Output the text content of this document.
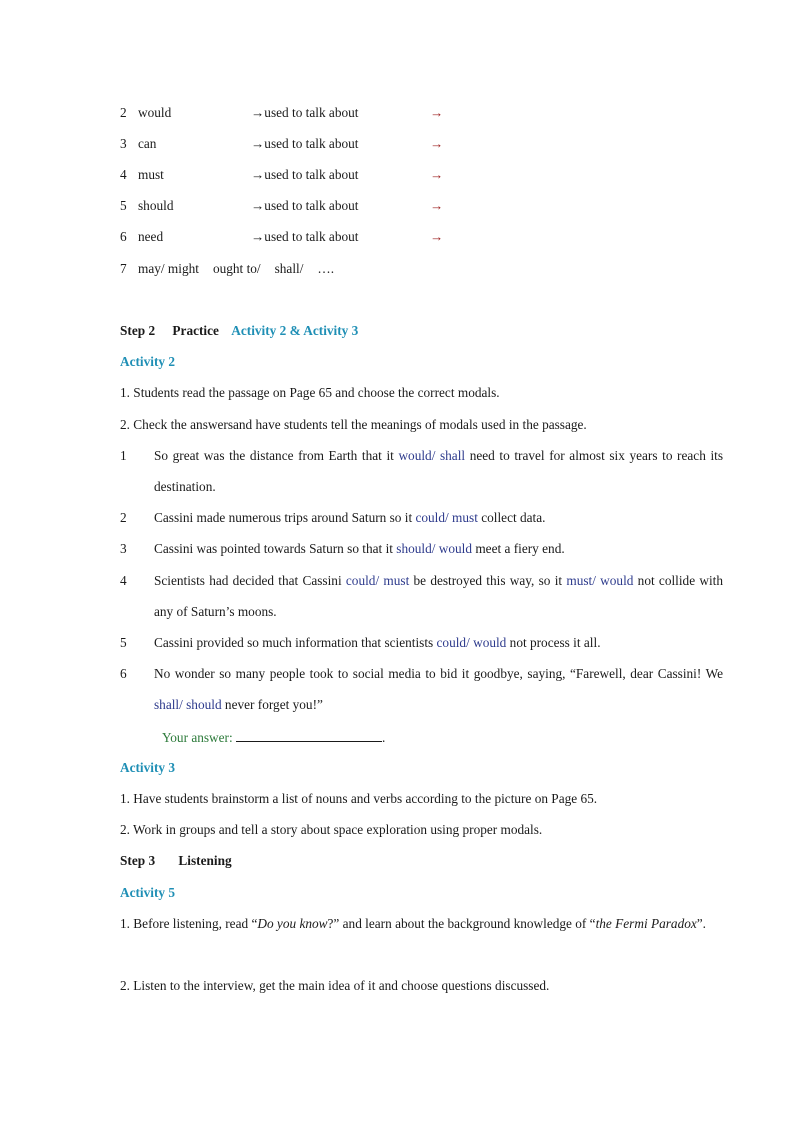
2 would	→used to talk about	→
3 can	→used to talk about	→
4 must	→used to talk about	→
5 should	→used to talk about	→
6 need	→used to talk about	→
7 may/ might ought to/ shall/ ….
Step 2 Practice Activity 2 & Activity 3
Activity 2
1. Students read the passage on Page 65 and choose the correct modals.
2. Check the answersand have students tell the meanings of modals used in the passage.
1 So great was the distance from Earth that it would/ shall need to travel for almost six years to reach its destination.
2 Cassini made numerous trips around Saturn so it could/ must collect data.
3 Cassini was pointed towards Saturn so that it should/ would meet a fiery end.
4 Scientists had decided that Cassini could/ must be destroyed this way, so it must/ would not collide with any of Saturn’s moons.
5 Cassini provided so much information that scientists could/ would not process it all.
6 No wonder so many people took to social media to bid it goodbye, saying, “Farewell, dear Cassini! We shall/ should never forget you!”
Your answer:	.
Activity 3
1. Have students brainstorm a list of nouns and verbs according to the picture on Page 65.
2. Work in groups and tell a story about space exploration using proper modals.
Step 3 Listening
Activity 5
1. Before listening, read “Do you know?” and learn about the background knowledge of “the Fermi Paradox”.
2. Listen to the interview, get the main idea of it and choose questions discussed.
